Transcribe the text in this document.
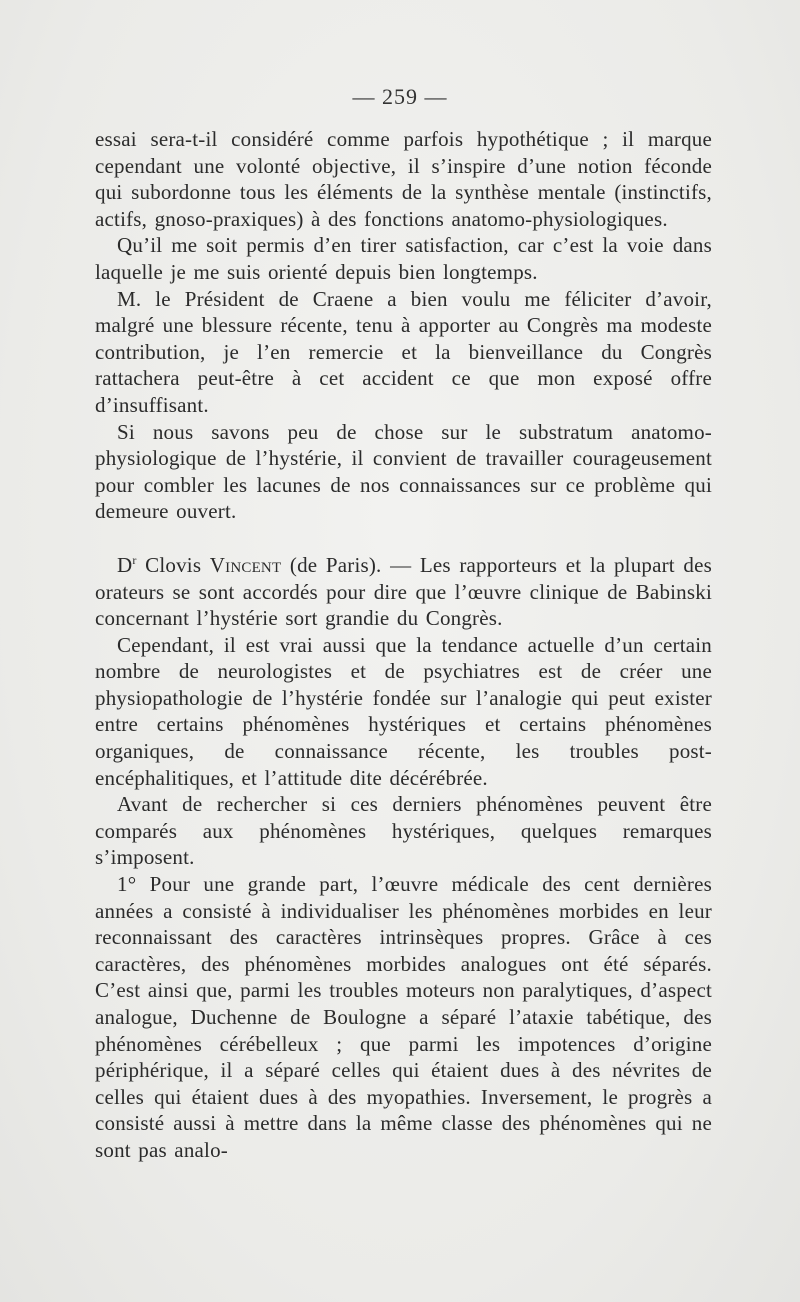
— 259 —

essai sera-t-il considéré comme parfois hypothétique ; il marque cependant une volonté objective, il s’inspire d’une notion féconde qui subordonne tous les éléments de la synthèse mentale (instinctifs, actifs, gnoso-praxiques) à des fonctions anatomo-physiologiques.

Qu’il me soit permis d’en tirer satisfaction, car c’est la voie dans laquelle je me suis orienté depuis bien longtemps.

M. le Président de Craene a bien voulu me féliciter d’avoir, malgré une blessure récente, tenu à apporter au Congrès ma modeste contribution, je l’en remercie et la bienveillance du Congrès rattachera peut-être à cet accident ce que mon exposé offre d’insuffisant.

Si nous savons peu de chose sur le substratum anatomo-physiologique de l’hystérie, il convient de travailler courageusement pour combler les lacunes de nos connaissances sur ce problème qui demeure ouvert.

$D^r$ Clovis Vincent (de Paris). — Les rapporteurs et la plupart des orateurs se sont accordés pour dire que l’œuvre clinique de Babinski concernant l’hystérie sort grandie du Congrès.

Cependant, il est vrai aussi que la tendance actuelle d’un certain nombre de neurologistes et de psychiatres est de créer une physiopathologie de l’hystérie fondée sur l’analogie qui peut exister entre certains phénomènes hystériques et certains phénomènes organiques, de connaissance récente, les troubles post-encéphalitiques, et l’attitude dite décérébrée.

Avant de rechercher si ces derniers phénomènes peuvent être comparés aux phénomènes hystériques, quelques remarques s’imposent.

1° Pour une grande part, l’œuvre médicale des cent dernières années a consisté à individualiser les phénomènes morbides en leur reconnaissant des caractères intrinsèques propres. Grâce à ces caractères, des phénomènes morbides analogues ont été séparés. C’est ainsi que, parmi les troubles moteurs non paralytiques, d’aspect analogue, Duchenne de Boulogne a séparé l’ataxie tabétique, des phénomènes cérébelleux ; que parmi les impotences d’origine périphérique, il a séparé celles qui étaient dues à des névrites de celles qui étaient dues à des myopathies. Inversement, le progrès a consisté aussi à mettre dans la même classe des phénomènes qui ne sont pas analo-
